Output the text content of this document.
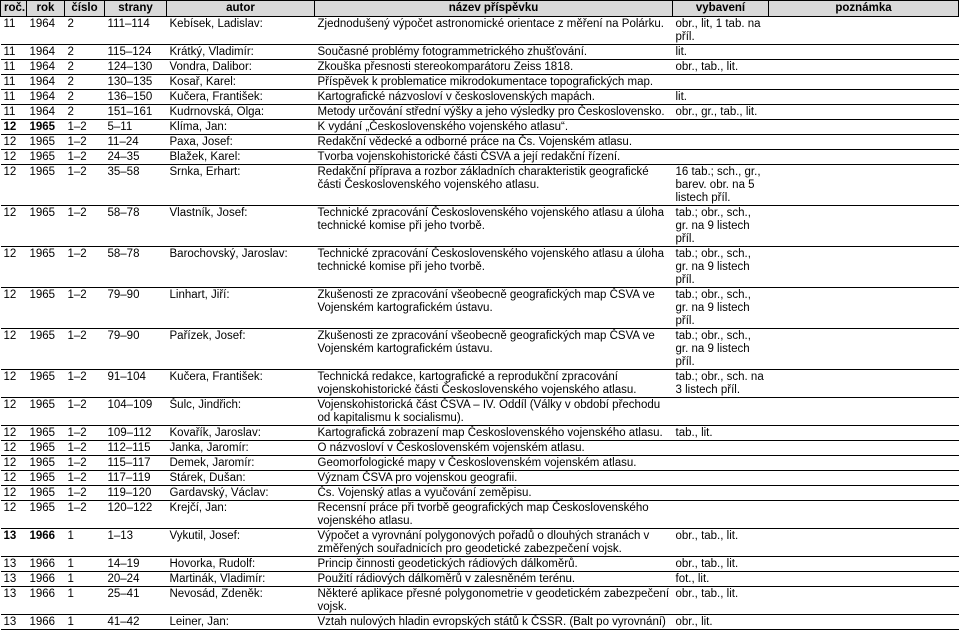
roč.	rok	číslo	strany	autor	název příspěvku	vybavení	poznámka
11	1964	2	111–114	Kebísek, Ladislav:	Zjednodušený výpočet astronomické orientace z měření na Polárku.	obr., lit, 1 tab. na příl.	
11	1964	2	115–124	Krátký, Vladimír:	Současné problémy fotogrammetrického zhušťování.	lit.	
11	1964	2	124–130	Vondra, Dalibor:	Zkouška přesnosti stereokomparátoru Zeiss 1818.	obr., tab., lit.	
11	1964	2	130–135	Kosař, Karel:	Příspěvek k problematice mikrodokumentace topografických map.		
11	1964	2	136–150	Kučera, František:	Kartografické názvosloví v československých mapách.	lit.	
11	1964	2	151–161	Kudrnovská, Olga:	Metody určování střední výšky a jeho výsledky pro Československo.	obr., gr., tab., lit.	
12	1965	1–2	5–11	Klíma, Jan:	K vydání „Československého vojenského atlasu“.		
12	1965	1–2	11–24	Paxa, Josef:	Redakční vědecké a odborné práce na Čs. Vojenském atlasu.		
12	1965	1–2	24–35	Blažek, Karel:	Tvorba vojenskohistorické části ČSVA a její redakční řízení.		
12	1965	1–2	35–58	Srnka, Erhart:	Redakční příprava a rozbor základních charakteristik geografické části Československého vojenského atlasu.	16 tab.; sch., gr., barev. obr. na 5 listech příl.	
12	1965	1–2	58–78	Vlastník, Josef:	Technické zpracování Československého vojenského atlasu a úloha technické komise při jeho tvorbě.	tab.; obr., sch., gr. na 9 listech příl.	
12	1965	1–2	58–78	Barochovský, Jaroslav:	Technické zpracování Československého vojenského atlasu a úloha technické komise při jeho tvorbě.	tab.; obr., sch., gr. na 9 listech příl.	
12	1965	1–2	79–90	Linhart, Jiří:	Zkušenosti ze zpracování všeobecně geografických map ČSVA ve Vojenském kartografickém ústavu.	tab.; obr., sch., gr. na 9 listech příl.	
12	1965	1–2	79–90	Pařízek, Josef:	Zkušenosti ze zpracování všeobecně geografických map ČSVA ve Vojenském kartografickém ústavu.	tab.; obr., sch., gr. na 9 listech příl.	
12	1965	1–2	91–104	Kučera, František:	Technická redakce, kartografické a reprodukční zpracování vojenskohistorické části Československého vojenského atlasu.	tab.; obr., sch. na 3 listech příl.	
12	1965	1–2	104–109	Šulc, Jindřich:	Vojenskohistorická část ČSVA – IV. Oddíl (Války v období přechodu od kapitalismu k socialismu).		
12	1965	1–2	109–112	Kovařík, Jaroslav:	Kartografická zobrazení map Československého vojenského atlasu.	tab., lit.	
12	1965	1–2	112–115	Janka, Jaromír:	O názvosloví v Československém vojenském atlasu.		
12	1965	1–2	115–117	Demek, Jaromír:	Geomorfologické mapy v Československém vojenském atlasu.		
12	1965	1–2	117–119	Stárek, Dušan:	Význam ČSVA pro vojenskou geografii.		
12	1965	1–2	119–120	Gardavský, Václav:	Čs. Vojenský atlas a vyučování zeměpisu.		
12	1965	1–2	120–122	Krejčí, Jan:	Recensní práce při tvorbě geografických map Československého vojenského atlasu.		
13	1966	1	1–13	Vykutil, Josef:	Výpočet a vyrovnání polygonových pořadů o dlouhých stranách v změřených souřadnicích pro geodetické zabezpečení vojsk.	obr., tab., lit.	
13	1966	1	14–19	Hovorka, Rudolf:	Princip činnosti geodetických rádiových dálkoměrů.	obr., tab., lit.	
13	1966	1	20–24	Martinák, Vladimír:	Použití rádiových dálkoměrů v zalesněném terénu.	fot., lit.	
13	1966	1	25–41	Nevosád, Zdeněk:	Některé aplikace přesné polygonometrie v geodetickém zabezpečení vojsk.	obr., tab., lit.	
13	1966	1	41–42	Leiner, Jan:	Vztah nulových hladin evropských států k ČSSR. (Balt po vyrovnání)	obr., lit.	
